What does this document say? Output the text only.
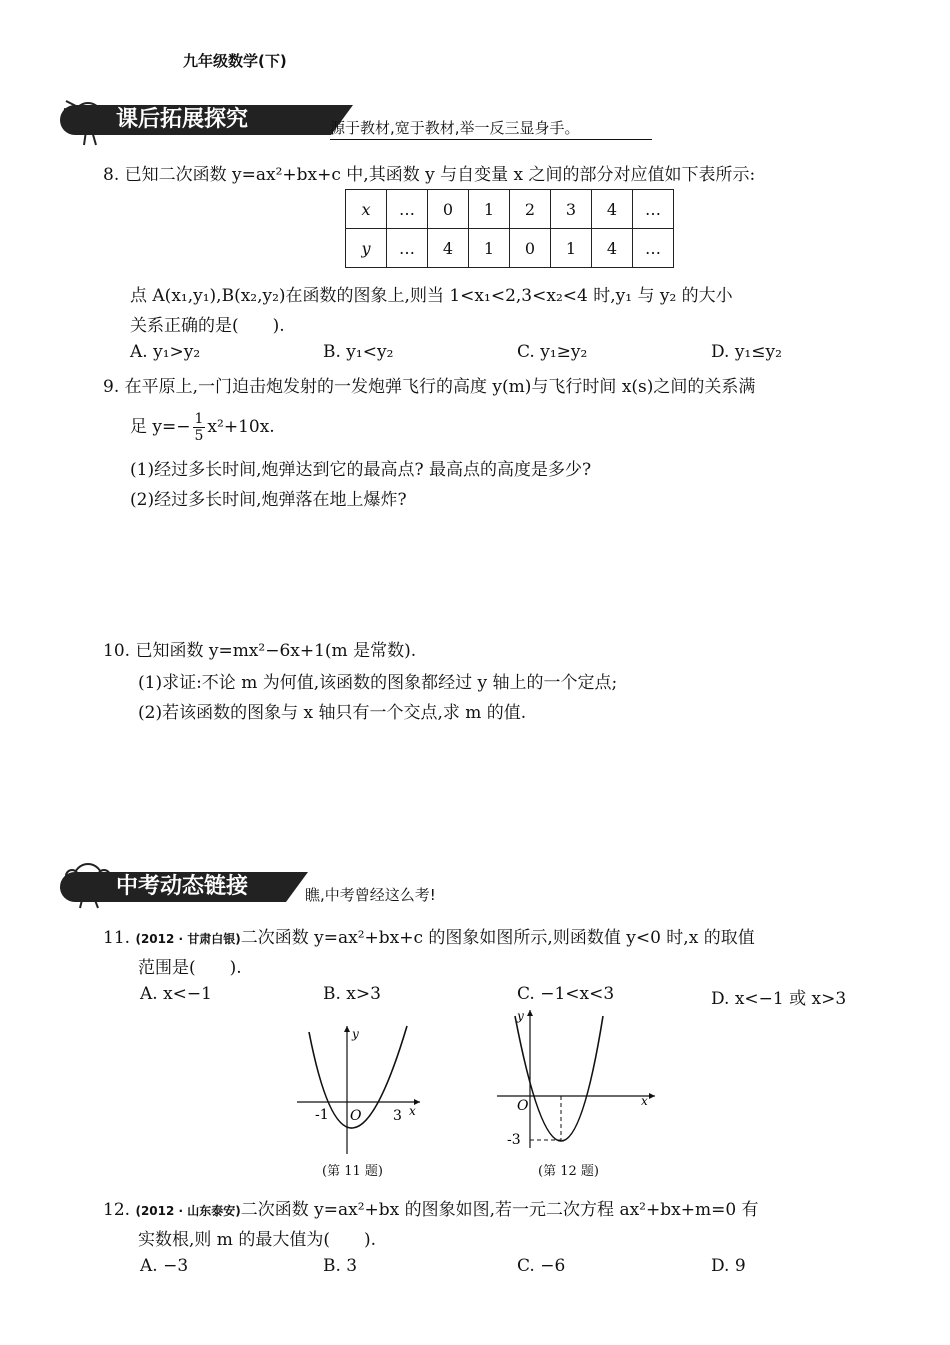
九年级数学(下)
课后拓展探究	源于教材,宽于教材,举一反三显身手。
8. 已知二次函数 y=ax²+bx+c 中,其函数 y 与自变量 x 之间的部分对应值如下表所示:
x	…	0	1	2	3	4	…
y	…	4	1	0	1	4	…
点 A(x₁,y₁),B(x₂,y₂)在函数的图象上,则当 1<x₁<2,3<x₂<4 时,y₁ 与 y₂ 的大小
关系正确的是(　　).
A. y₁>y₂	B. y₁<y₂	C. y₁≥y₂	D. y₁≤y₂
9. 在平原上,一门迫击炮发射的一发炮弹飞行的高度 y(m)与飞行时间 x(s)之间的关系满
足 $y=- \frac{1}{5} x^2+10x$.
(1)经过多长时间,炮弹达到它的最高点? 最高点的高度是多少?
(2)经过多长时间,炮弹落在地上爆炸?
10. 已知函数 y=mx²−6x+1(m 是常数).
(1)求证:不论 m 为何值,该函数的图象都经过 y 轴上的一个定点;
(2)若该函数的图象与 x 轴只有一个交点,求 m 的值.
中考动态链接	瞧,中考曾经这么考!
11. (2012 · 甘肃白银)二次函数 y=ax²+bx+c 的图象如图所示,则函数值 y<0 时,x 的取值
范围是(　　).
A. x<−1	B. x>3	C. −1<x<3	D. x<−1 或 x>3
y
x
O
-1	3
(第 11 题)
y
x
O
-3
(第 12 题)
12. (2012 · 山东泰安)二次函数 y=ax²+bx 的图象如图,若一元二次方程 ax²+bx+m=0 有
实数根,则 m 的最大值为(　　).
A. −3	B. 3	C. −6	D. 9
